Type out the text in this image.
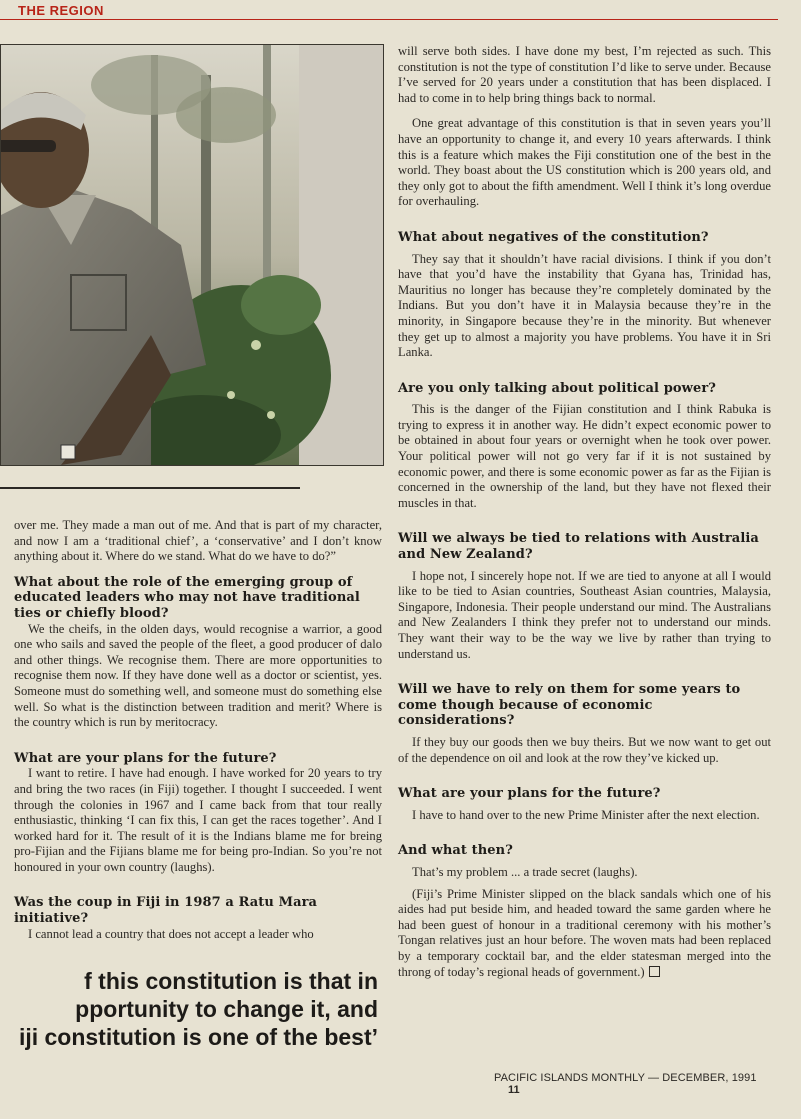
THE REGION

over me. They made a man out of me. And that is part of my character, and now I am a ‘traditional chief’, a ‘conservative’ and I don’t know anything about it. Where do we stand. What do we have to do?”

What about the role of the emerging group of educated leaders who may not have traditional ties or chiefly blood?

We the cheifs, in the olden days, would recognise a warrior, a good one who sails and saved the people of the fleet, a good producer of dalo and other things. We recognise them. There are more opportunities to recognise them now. If they have done well as a doctor or scientist, yes. Someone must do something well, and someone must do something else well. So what is the distinction between tradition and merit? Where is the country which is run by meritocracy.

What are your plans for the future?

I want to retire. I have had enough. I have worked for 20 years to try and bring the two races (in Fiji) together. I thought I succeeded. I went through the colonies in 1967 and I came back from that tour really enthusiastic, thinking ‘I can fix this, I can get the races together’. And I worked hard for it. The result of it is the Indians blame me for breing pro-Fijian and the Fijians blame me for being pro-Indian. So you’re not honoured in your own country (laughs).

Was the coup in Fiji in 1987 a Ratu Mara initiative?

I cannot lead a country that does not accept a leader who

will serve both sides. I have done my best, I’m rejected as such. This constitution is not the type of constitution I’d like to serve under. Because I’ve served for 20 years under a constitution that has been displaced. I had to come in to help bring things back to normal.

One great advantage of this constitution is that in seven years you’ll have an opportunity to change it, and every 10 years afterwards. I think this is a feature which makes the Fiji constitution one of the best in the world. They boast about the US constitution which is 200 years old, and they only got to about the fifth amendment. Well I think it’s long overdue for overhauling.

What about negatives of the constitution?

They say that it shouldn’t have racial divisions. I think if you don’t have that you’d have the instability that Gyana has, Trinidad has, Mauritius no longer has because they’re completely dominated by the Indians. But you don’t have it in Malaysia because they’re in the minority, in Singapore because they’re in the minority. But whenever they get up to almost a majority you have problems. You have it in Sri Lanka.

Are you only talking about political power?

This is the danger of the Fijian constitution and I think Rabuka is trying to express it in another way. He didn’t expect economic power to be obtained in about four years or overnight when he took over power. Your political power will not go very far if it is not sustained by economic power, and there is some economic power as far as the Fijian is concerned in the ownership of the land, but they have not flexed their muscles in that.

Will we always be tied to relations with Australia and New Zealand?

I hope not, I sincerely hope not. If we are tied to anyone at all I would like to be tied to Asian countries, Southeast Asian countries, Malaysia, Singapore, Indonesia. Their people understand our mind. The Australians and New Zealanders I think they prefer not to understand our minds. They want their way to be the way we live by rather than trying to understand us.

Will we have to rely on them for some years to come though because of economic considerations?

If they buy our goods then we buy theirs. But we now want to get out of the dependence on oil and look at the row they’ve kicked up.

What are your plans for the future?

I have to hand over to the new Prime Minister after the next election.

And what then?

That’s my problem ... a trade secret (laughs).

(Fiji’s Prime Minister slipped on the black sandals which one of his aides had put beside him, and headed toward the same garden where he had been guest of honour in a traditional ceremony with his mother’s Tongan relatives just an hour before. The woven mats had been replaced by a temporary cocktail bar, and the elder statesman merged into the throng of today’s regional heads of government.)

f this constitution is that in
pportunity to change it, and
iji constitution is one of the best’
PACIFIC ISLANDS MONTHLY — DECEMBER, 1991 11
